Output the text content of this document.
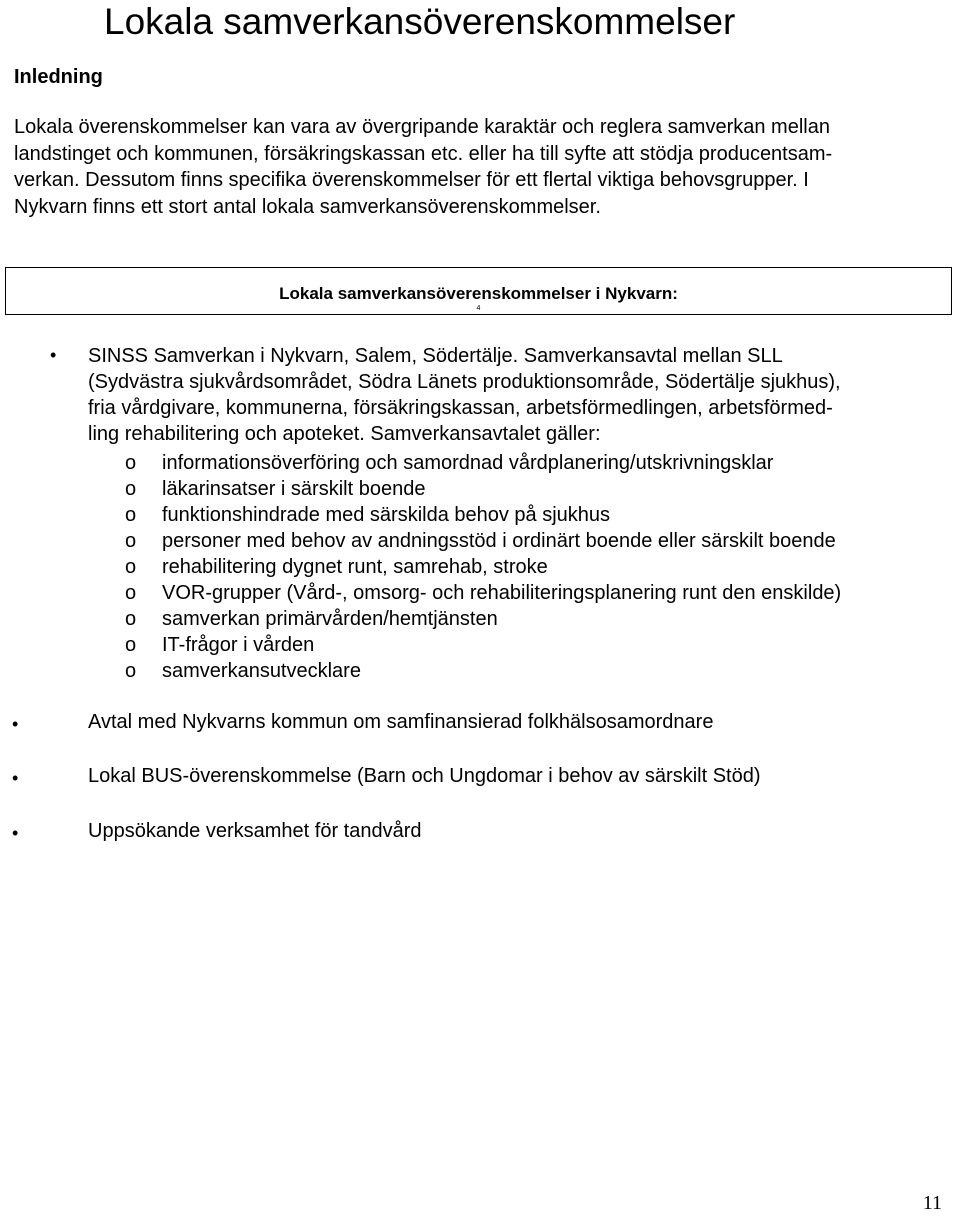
Lokala samverkansöverenskommelser
Inledning

Lokala överenskommelser kan vara av övergripande karaktär och reglera samverkan mellan
landstinget och kommunen, försäkringskassan etc. eller ha till syfte att stödja producentsam-
verkan. Dessutom finns specifika överenskommelser för ett flertal viktiga behovsgrupper. I
Nykvarn finns ett stort antal lokala samverkansöverenskommelser.

Lokala samverkansöverenskommelser i Nykvarn:
4
• SINSS Samverkan i Nykvarn, Salem, Södertälje. Samverkansavtal mellan SLL
(Sydvästra sjukvårdsområdet, Södra Länets produktionsområde, Södertälje sjukhus),
fria vårdgivare, kommunerna, försäkringskassan, arbetsförmedlingen, arbetsförmed-
ling rehabilitering och apoteket. Samverkansavtalet gäller:
o informationsöverföring och samordnad vårdplanering/utskrivningsklar
o läkarinsatser i särskilt boende
o funktionshindrade med särskilda behov på sjukhus
o personer med behov av andningsstöd i ordinärt boende eller särskilt boende
o rehabilitering dygnet runt, samrehab, stroke
o VOR-grupper (Vård-, omsorg- och rehabiliteringsplanering runt den enskilde)
o samverkan primärvården/hemtjänsten
o IT-frågor i vården
o samverkansutvecklare
•	Avtal med Nykvarns kommun om samfinansierad folkhälsosamordnare
•	Lokal BUS-överenskommelse (Barn och Ungdomar i behov av särskilt Stöd)
•	Uppsökande verksamhet för tandvård
11
